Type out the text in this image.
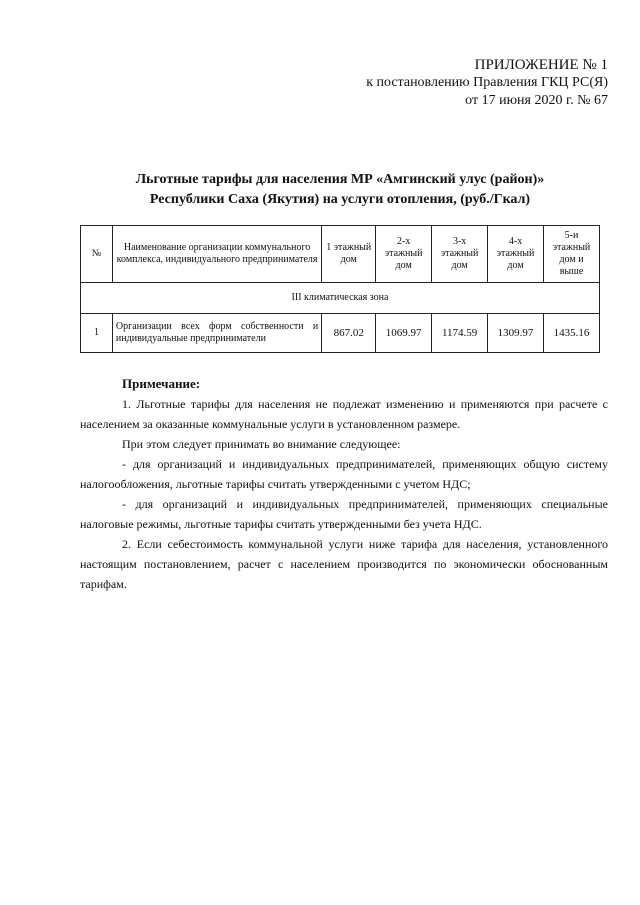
ПРИЛОЖЕНИЕ № 1
к постановлению Правления ГКЦ РС(Я)
от 17 июня 2020 г. № 67
Льготные тарифы для населения МР «Амгинский улус (район)»
Республики Саха (Якутия) на услуги отопления, (руб./Гкал)
№	Наименование организации коммунального комплекса, индивидуального предпринимателя	1 этажный дом	2-х этажный дом	3-х этажный дом	4-х этажный дом	5-и этажный дом и выше
III климатическая зона						
1	Организации всех форм собственности и индивидуальные предприниматели	867.02	1069.97	1174.59	1309.97	1435.16
Примечание:

1. Льготные тарифы для населения не подлежат изменению и применяются при расчете с населением за оказанные коммунальные услуги в установленном размере.

При этом следует принимать во внимание следующее:

- для организаций и индивидуальных предпринимателей, применяющих общую систему налогообложения, льготные тарифы считать утвержденными с учетом НДС;

- для организаций и индивидуальных предпринимателей, применяющих специальные налоговые режимы, льготные тарифы считать утвержденными без учета НДС.

2. Если себестоимость коммунальной услуги ниже тарифа для населения, установленного настоящим постановлением, расчет с населением производится по экономически обоснованным тарифам.
